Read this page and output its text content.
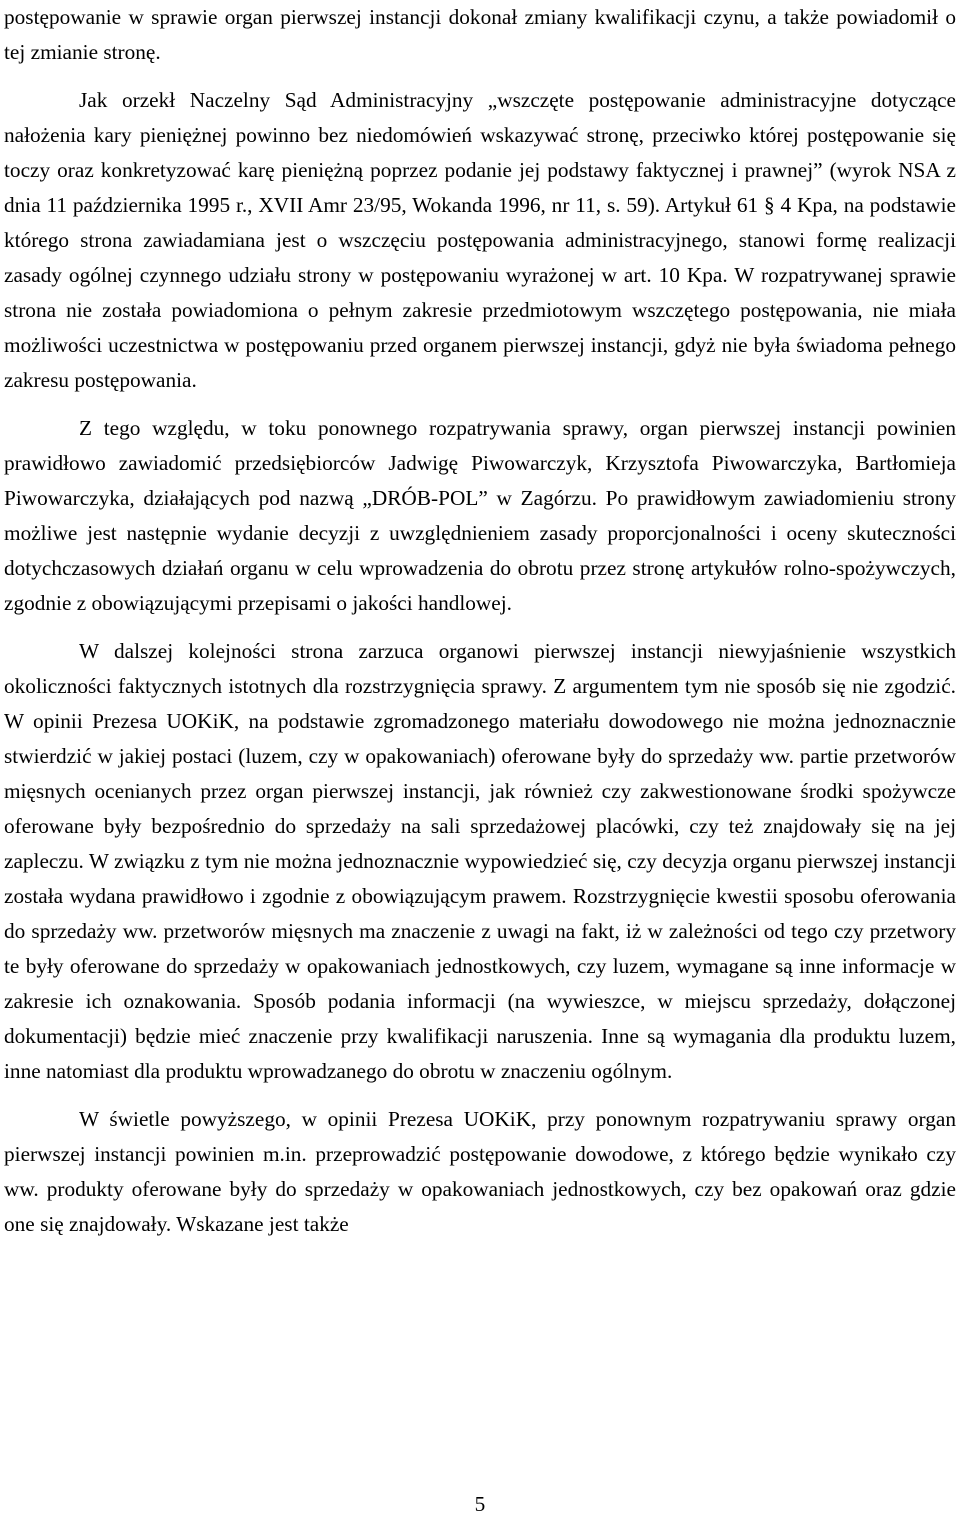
postępowanie w sprawie organ pierwszej instancji dokonał zmiany kwalifikacji czynu, a także powiadomił o tej zmianie stronę.

Jak orzekł Naczelny Sąd Administracyjny „wszczęte postępowanie administracyjne dotyczące nałożenia kary pieniężnej powinno bez niedomówień wskazywać stronę, przeciwko której postępowanie się toczy oraz konkretyzować karę pieniężną poprzez podanie jej podstawy faktycznej i prawnej” (wyrok NSA z dnia 11 października 1995 r., XVII Amr 23/95, Wokanda 1996, nr 11, s. 59). Artykuł 61 § 4 Kpa, na podstawie którego strona zawiadamiana jest o wszczęciu postępowania administracyjnego, stanowi formę realizacji zasady ogólnej czynnego udziału strony w postępowaniu wyrażonej w art. 10 Kpa. W rozpatrywanej sprawie strona nie została powiadomiona o pełnym zakresie przedmiotowym wszczętego postępowania, nie miała możliwości uczestnictwa w postępowaniu przed organem pierwszej instancji, gdyż nie była świadoma pełnego zakresu postępowania.

Z tego względu, w toku ponownego rozpatrywania sprawy, organ pierwszej instancji powinien prawidłowo zawiadomić przedsiębiorców Jadwigę Piwowarczyk, Krzysztofa Piwowarczyka, Bartłomieja Piwowarczyka, działających pod nazwą „DRÓB-POL” w Zagórzu. Po prawidłowym zawiadomieniu strony możliwe jest następnie wydanie decyzji z uwzględnieniem zasady proporcjonalności i oceny skuteczności dotychczasowych działań organu w celu wprowadzenia do obrotu przez stronę artykułów rolno-spożywczych, zgodnie z obowiązującymi przepisami o jakości handlowej.

W dalszej kolejności strona zarzuca organowi pierwszej instancji niewyjaśnienie wszystkich okoliczności faktycznych istotnych dla rozstrzygnięcia sprawy. Z argumentem tym nie sposób się nie zgodzić. W opinii Prezesa UOKiK, na podstawie zgromadzonego materiału dowodowego nie można jednoznacznie stwierdzić w jakiej postaci (luzem, czy w opakowaniach) oferowane były do sprzedaży ww. partie przetworów mięsnych ocenianych przez organ pierwszej instancji, jak również czy zakwestionowane środki spożywcze oferowane były bezpośrednio do sprzedaży na sali sprzedażowej placówki, czy też znajdowały się na jej zapleczu. W związku z tym nie można jednoznacznie wypowiedzieć się, czy decyzja organu pierwszej instancji została wydana prawidłowo i zgodnie z obowiązującym prawem. Rozstrzygnięcie kwestii sposobu oferowania do sprzedaży ww. przetworów mięsnych ma znaczenie z uwagi na fakt, iż w zależności od tego czy przetwory te były oferowane do sprzedaży w opakowaniach jednostkowych, czy luzem, wymagane są inne informacje w zakresie ich oznakowania. Sposób podania informacji (na wywieszce, w miejscu sprzedaży, dołączonej dokumentacji) będzie mieć znaczenie przy kwalifikacji naruszenia. Inne są wymagania dla produktu luzem, inne natomiast dla produktu wprowadzanego do obrotu w znaczeniu ogólnym.

W świetle powyższego, w opinii Prezesa UOKiK, przy ponownym rozpatrywaniu sprawy organ pierwszej instancji powinien m.in. przeprowadzić postępowanie dowodowe, z którego będzie wynikało czy ww. produkty oferowane były do sprzedaży w opakowaniach jednostkowych, czy bez opakowań oraz gdzie one się znajdowały. Wskazane jest także

5
